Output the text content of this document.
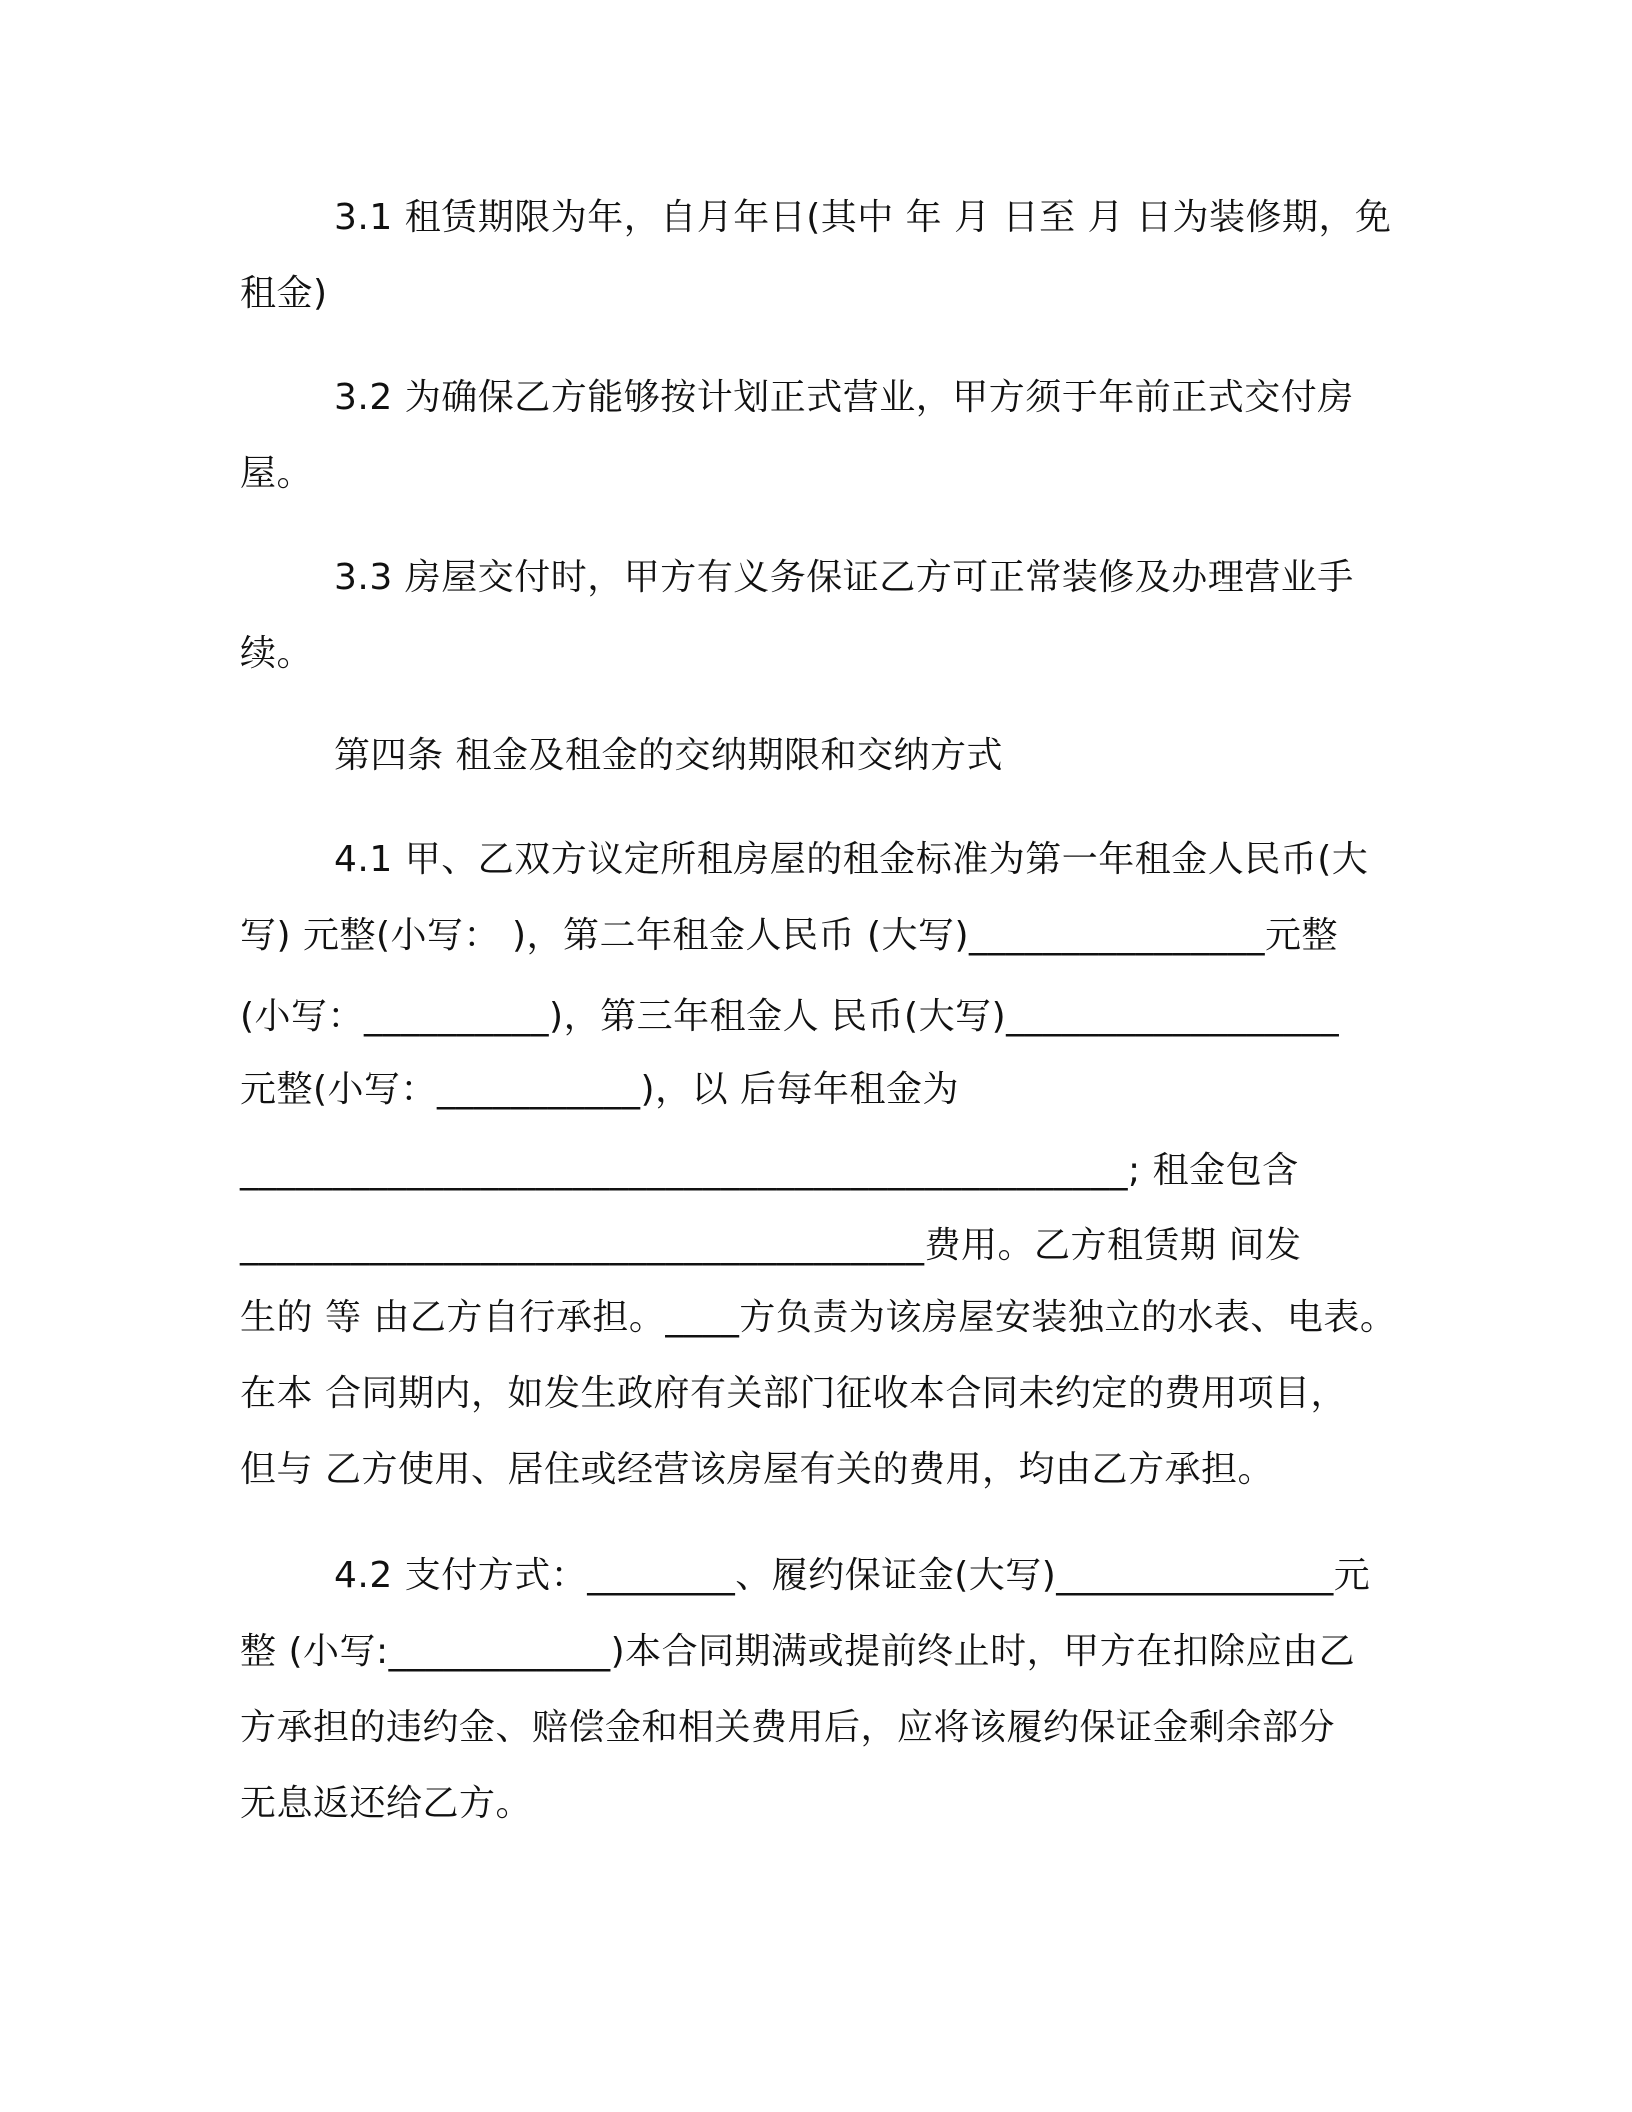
3.1 租赁期限为年，自月年日(其中 年 月 日至 月 日为装修期，免
租金)
3.2 为确保乙方能够按计划正式营业，甲方须于年前正式交付房
屋。
3.3 房屋交付时，甲方有义务保证乙方可正常装修及办理营业手
续。
第四条 租金及租金的交纳期限和交纳方式
4.1 甲、乙双方议定所租房屋的租金标准为第一年租金人民币(大
写) 元整(小写： )，第二年租金人民币 (大写)________________元整
(小写：__________)，第三年租金人 民币(大写)__________________
元整(小写：___________)，以 后每年租金为
________________________________________________; 租金包含
_____________________________________费用。乙方租赁期 间发
生的 等 由乙方自行承担。____方负责为该房屋安装独立的水表、电表。
在本 合同期内，如发生政府有关部门征收本合同未约定的费用项目，
但与 乙方使用、居住或经营该房屋有关的费用，均由乙方承担。
4.2 支付方式：________、履约保证金(大写)_______________元
整 (小写:____________)本合同期满或提前终止时，甲方在扣除应由乙
方承担的违约金、赔偿金和相关费用后，应将该履约保证金剩余部分
无息返还给乙方。
